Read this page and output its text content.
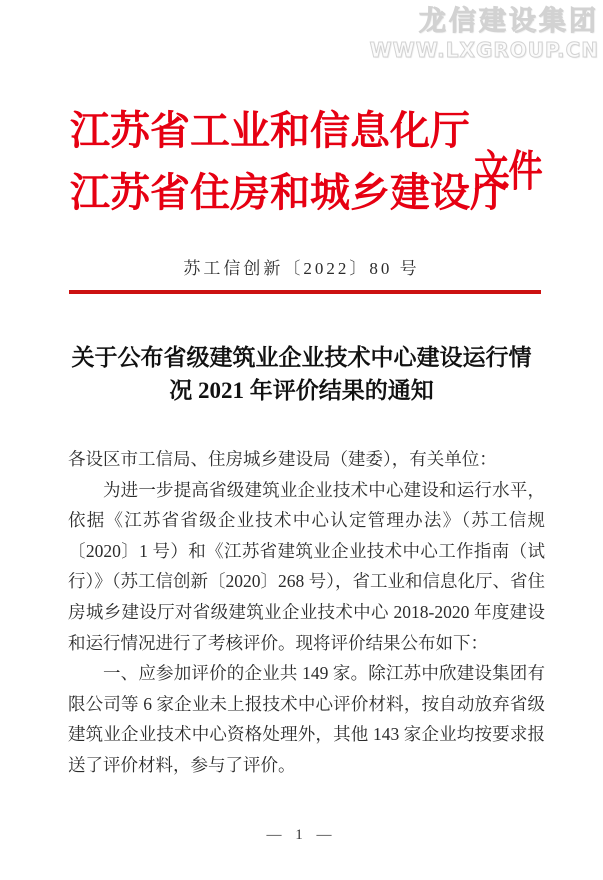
龙信建设集团
WWW.LXGROUP.CN
江苏省工业和信息化厅
江苏省住房和城乡建设厅
文件
苏工信创新〔2022〕80 号
关于公布省级建筑业企业技术中心建设运行情
况 2021 年评价结果的通知

各设区市工信局、住房城乡建设局（建委），有关单位：

为进一步提高省级建筑业企业技术中心建设和运行水平，依据《江苏省省级企业技术中心认定管理办法》（苏工信规〔2020〕1 号）和《江苏省建筑业企业技术中心工作指南（试行）》（苏工信创新〔2020〕268 号），省工业和信息化厅、省住房城乡建设厅对省级建筑业企业技术中心 2018-2020 年度建设和运行情况进行了考核评价。现将评价结果公布如下：

一、应参加评价的企业共 149 家。除江苏中欣建设集团有限公司等 6 家企业未上报技术中心评价材料，按自动放弃省级建筑业企业技术中心资格处理外，其他 143 家企业均按要求报送了评价材料，参与了评价。

— 1 —
